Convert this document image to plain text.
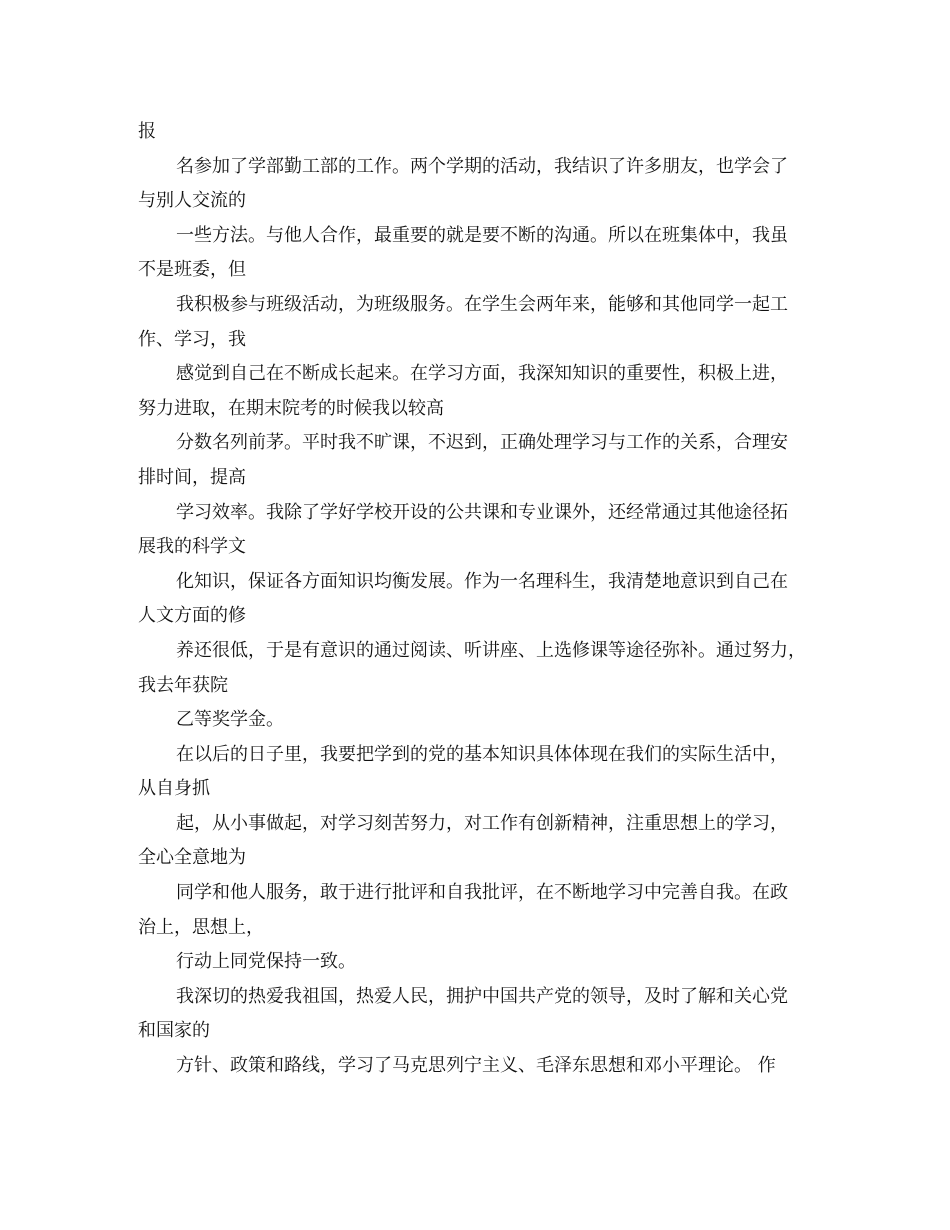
报
名参加了学部勤工部的工作。两个学期的活动，我结识了许多朋友，也学会了
与别人交流的
一些方法。与他人合作，最重要的就是要不断的沟通。所以在班集体中，我虽
不是班委，但
我积极参与班级活动，为班级服务。在学生会两年来，能够和其他同学一起工
作、学习，我
感觉到自己在不断成长起来。在学习方面，我深知知识的重要性，积极上进，
努力进取，在期末院考的时候我以较高
分数名列前茅。平时我不旷课，不迟到，正确处理学习与工作的关系，合理安
排时间，提高
学习效率。我除了学好学校开设的公共课和专业课外，还经常通过其他途径拓
展我的科学文
化知识，保证各方面知识均衡发展。作为一名理科生，我清楚地意识到自己在
人文方面的修
养还很低，于是有意识的通过阅读、听讲座、上选修课等途径弥补。通过努力，
我去年获院
乙等奖学金。
在以后的日子里，我要把学到的党的基本知识具体体现在我们的实际生活中，
从自身抓
起，从小事做起，对学习刻苦努力，对工作有创新精神，注重思想上的学习，
全心全意地为
同学和他人服务，敢于进行批评和自我批评，在不断地学习中完善自我。在政
治上，思想上，
行动上同党保持一致。
我深切的热爱我祖国，热爱人民，拥护中国共产党的领导，及时了解和关心党
和国家的
方针、政策和路线，学习了马克思列宁主义、毛泽东思想和邓小平理论。 作
